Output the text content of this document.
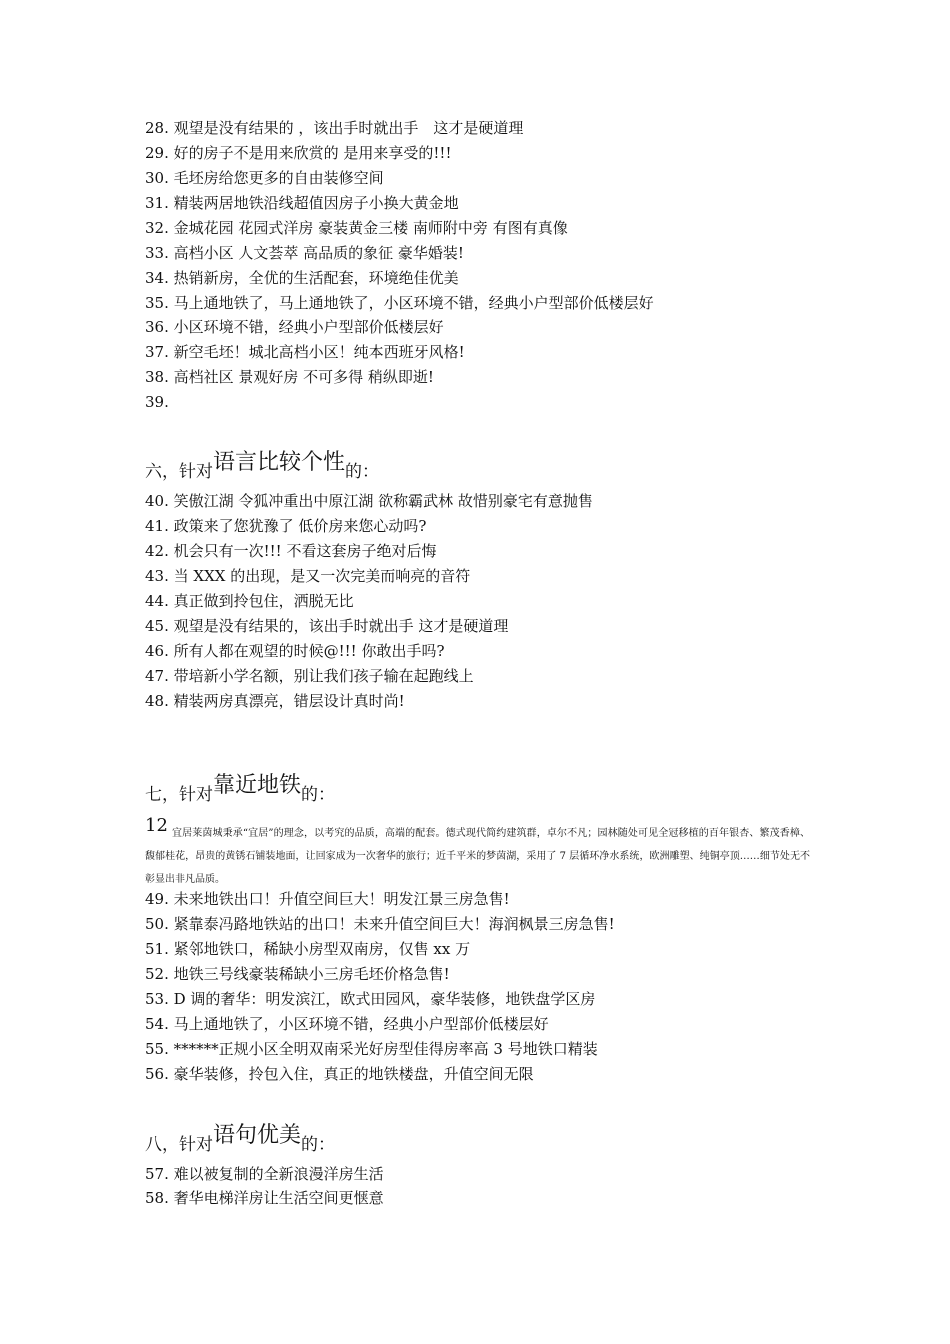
28. 观望是没有结果的 ，该出手时就出手　这才是硬道理
29. 好的房子不是用来欣赏的 是用来享受的!!!
30. 毛坯房给您更多的自由装修空间
31. 精装两居地铁沿线超值因房子小换大黄金地
32. 金城花园 花园式洋房 豪装黄金三楼 南师附中旁 有图有真像
33. 高档小区 人文荟萃 高品质的象征 豪华婚装!
34. 热销新房，全优的生活配套，环境绝佳优美
35. 马上通地铁了，马上通地铁了，小区环境不错，经典小户型部价低楼层好
36. 小区环境不错，经典小户型部价低楼层好
37. 新空毛坯！城北高档小区！纯本西班牙风格!
38. 高档社区 景观好房 不可多得 稍纵即逝!
39.
六，针对语言比较个性的：
40. 笑傲江湖 令狐冲重出中原江湖 欲称霸武林 故惜别豪宅有意抛售
41. 政策来了您犹豫了 低价房来您心动吗?
42. 机会只有一次!!! 不看这套房子绝对后悔
43. 当 XXX 的出现，是又一次完美而响亮的音符
44. 真正做到拎包住，洒脱无比
45. 观望是没有结果的，该出手时就出手 这才是硬道理
46. 所有人都在观望的时候@!!! 你敢出手吗?
47. 带培新小学名额，别让我们孩子输在起跑线上
48. 精装两房真漂亮，错层设计真时尚!
七，针对靠近地铁的：
12 宜居莱茵城秉承“宜居”的理念，以考究的品质，高端的配套。德式现代简约建筑群，卓尔不凡；园林随处可见全冠移植的百年银杏、繁茂香樟、馥郁桂花，昂贵的黄锈石铺装地面，让回家成为一次奢华的旅行；近千平米的梦茵湖，采用了 7 层循环净水系统，欧洲雕塑、纯铜亭顶……细节处无不彰显出非凡品质。
49. 未来地铁出口！升值空间巨大！明发江景三房急售!
50. 紧靠泰冯路地铁站的出口！未来升值空间巨大！海润枫景三房急售!
51. 紧邻地铁口，稀缺小房型双南房，仅售 xx 万
52. 地铁三号线豪装稀缺小三房毛坯价格急售!
53. D 调的奢华：明发滨江，欧式田园风，豪华装修，地铁盘学区房
54. 马上通地铁了，小区环境不错，经典小户型部价低楼层好
55. ******正规小区全明双南采光好房型佳得房率高 3 号地铁口精装
56. 豪华装修，拎包入住，真正的地铁楼盘，升值空间无限
八，针对语句优美的：
57. 难以被复制的全新浪漫洋房生活
58. 奢华电梯洋房让生活空间更惬意
